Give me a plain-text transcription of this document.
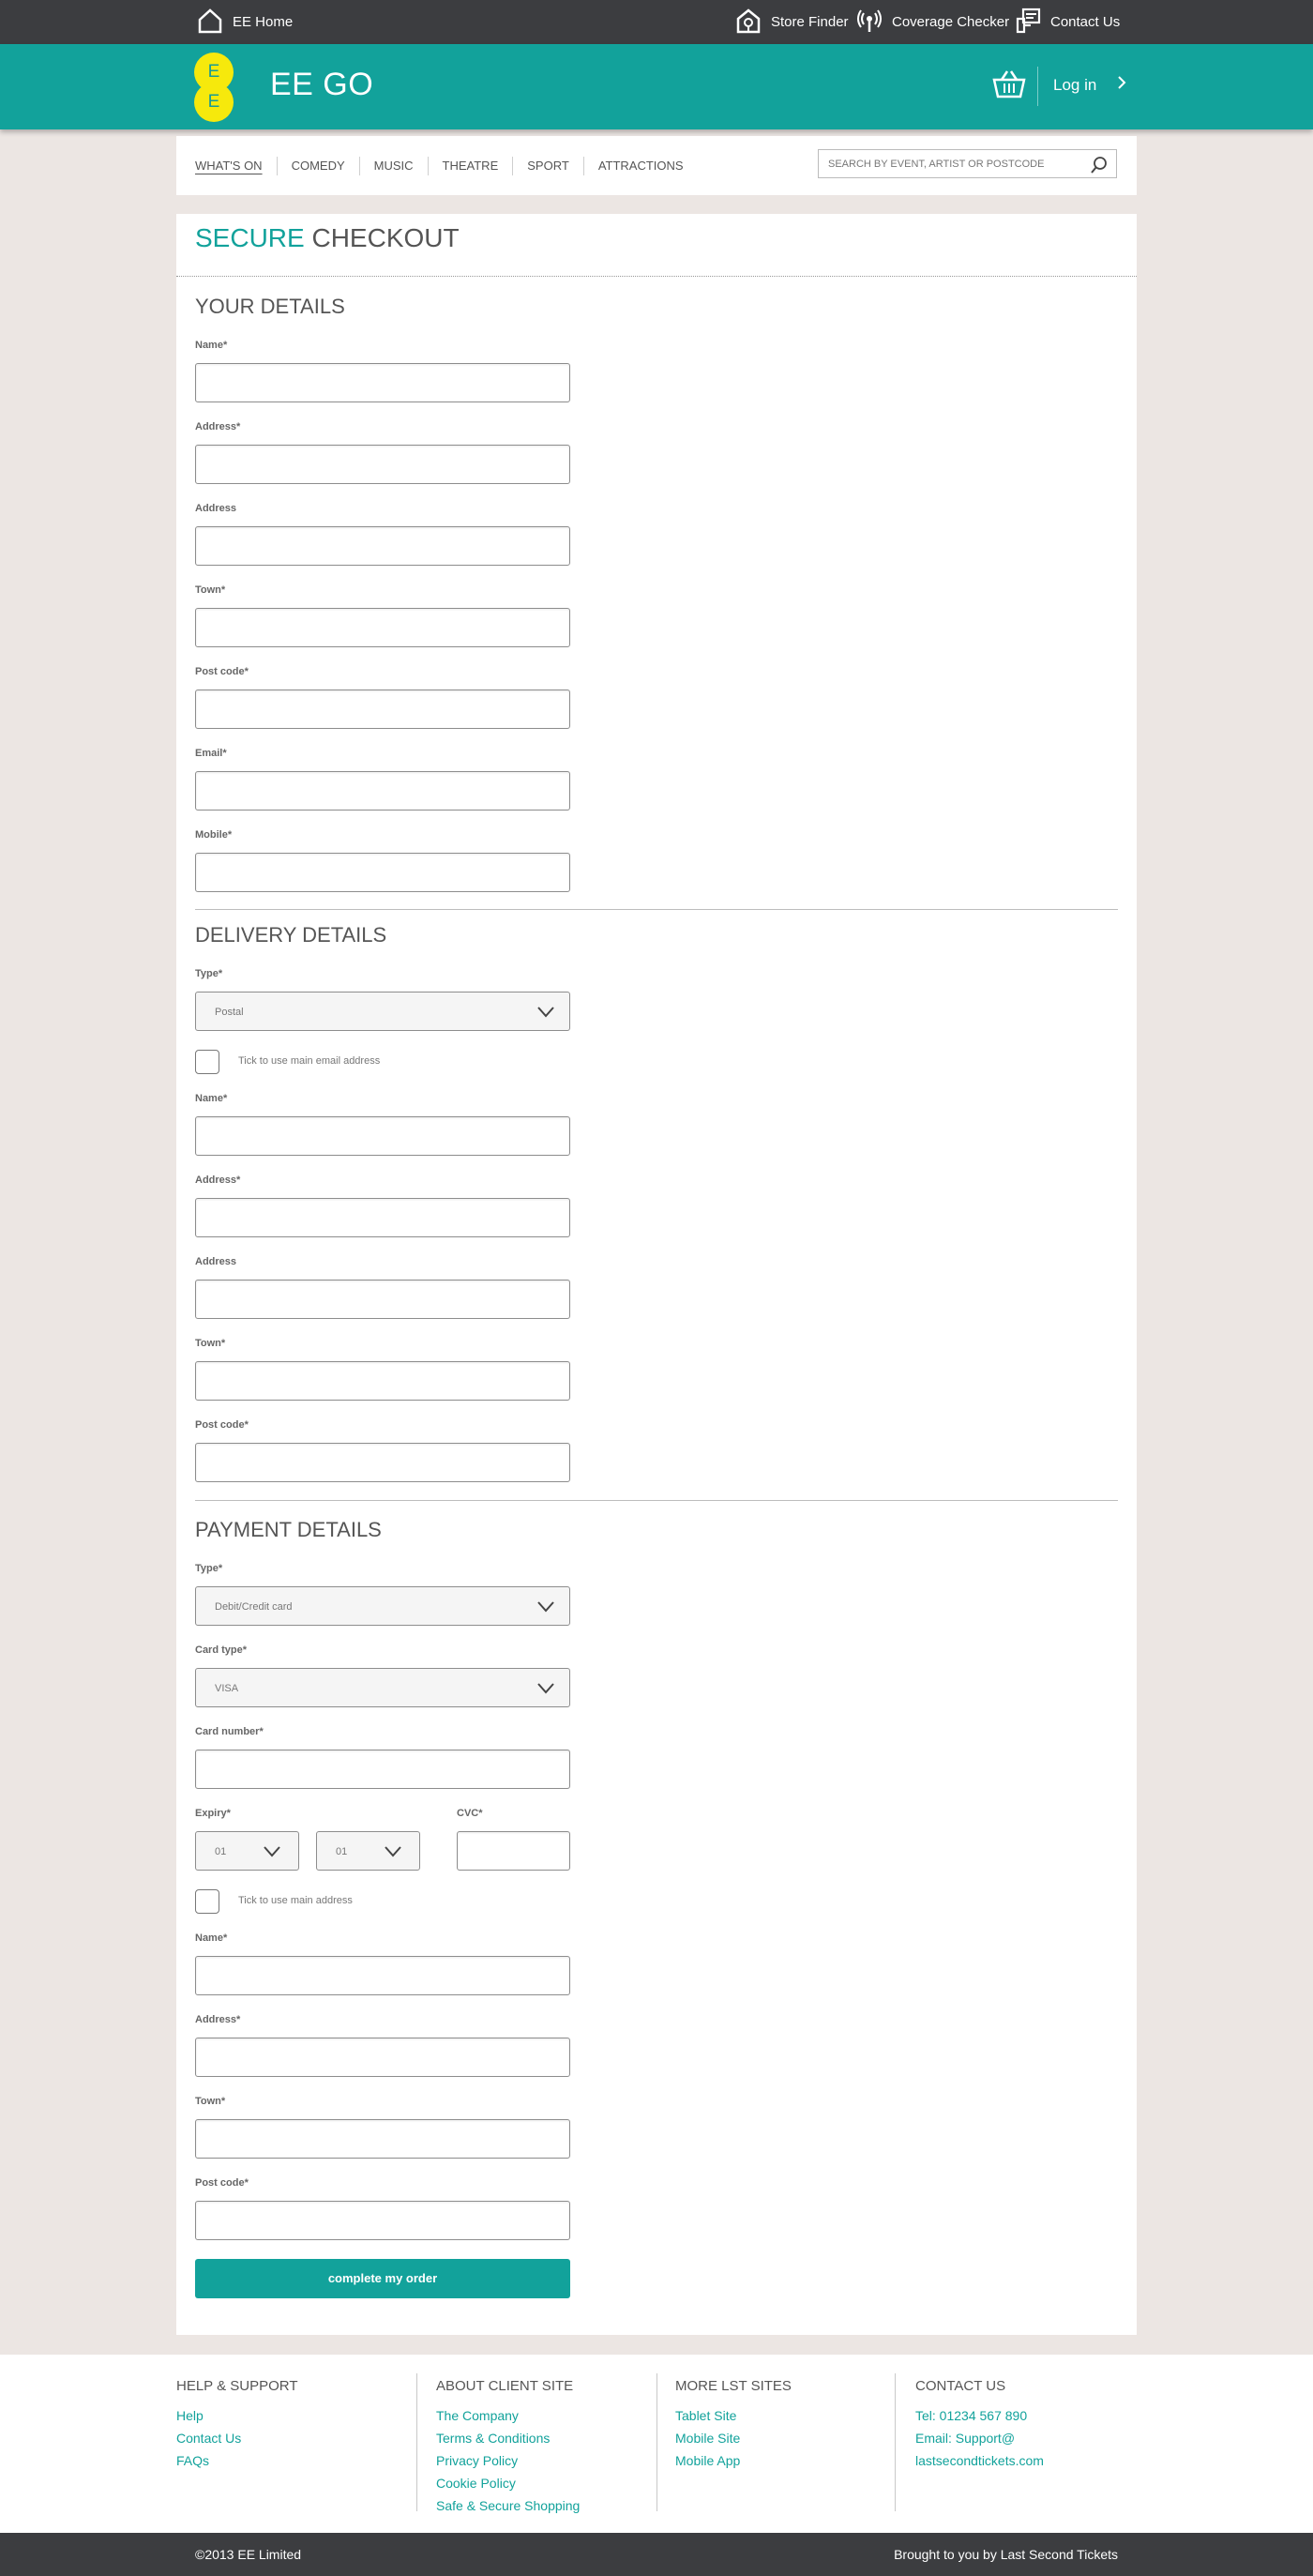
EE Home	Store Finder	Coverage Checker	Contact Us
E
E	EE GO	Log in
WHAT'S ON	COMEDY	MUSIC	THEATRE	SPORT	ATTRACTIONS
SEARCH BY EVENT, ARTIST OR POSTCODE
SECURE CHECKOUT
YOUR DETAILS
Name*
Address*
Address
Town*
Post code*
Email*
Mobile*
DELIVERY DETAILS
Type*
Postal
Tick to use main email address
Name*
Address*
Address
Town*
Post code*
PAYMENT DETAILS
Type*
Debit/Credit card
Card type*
VISA
Card number*
Expiry*	CVC*
01	01
Tick to use main address
Name*
Address*
Town*
Post code*
complete my order
HELP & SUPPORT
Help
Contact Us
FAQs
ABOUT CLIENT SITE
The Company
Terms & Conditions
Privacy Policy
Cookie Policy
Safe & Secure Shopping
MORE LST SITES
Tablet Site
Mobile Site
Mobile App
CONTACT US
Tel: 01234 567 890
Email: Support@
lastsecondtickets.com
©2013 EE Limited	Brought to you by Last Second Tickets
